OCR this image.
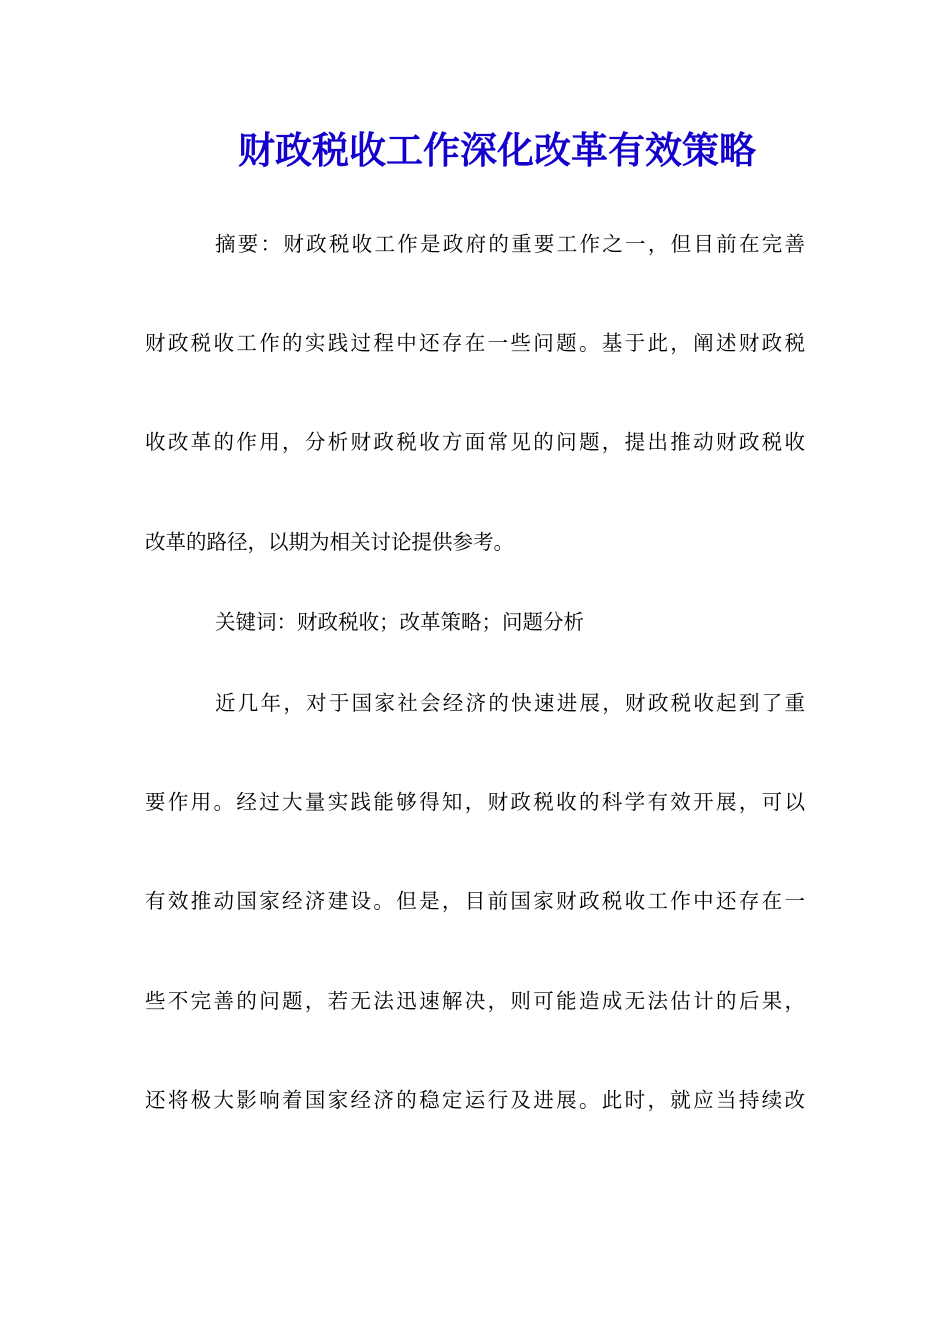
财政税收工作深化改革有效策略

摘要：财政税收工作是政府的重要工作之一，但目前在完善

财政税收工作的实践过程中还存在一些问题。基于此，阐述财政税

收改革的作用，分析财政税收方面常见的问题，提出推动财政税收

改革的路径，以期为相关讨论提供参考。

关键词：财政税收；改革策略；问题分析

近几年，对于国家社会经济的快速进展，财政税收起到了重

要作用。经过大量实践能够得知，财政税收的科学有效开展，可以

有效推动国家经济建设。但是，目前国家财政税收工作中还存在一

些不完善的问题，若无法迅速解决，则可能造成无法估计的后果，

还将极大影响着国家经济的稳定运行及进展。此时，就应当持续改
